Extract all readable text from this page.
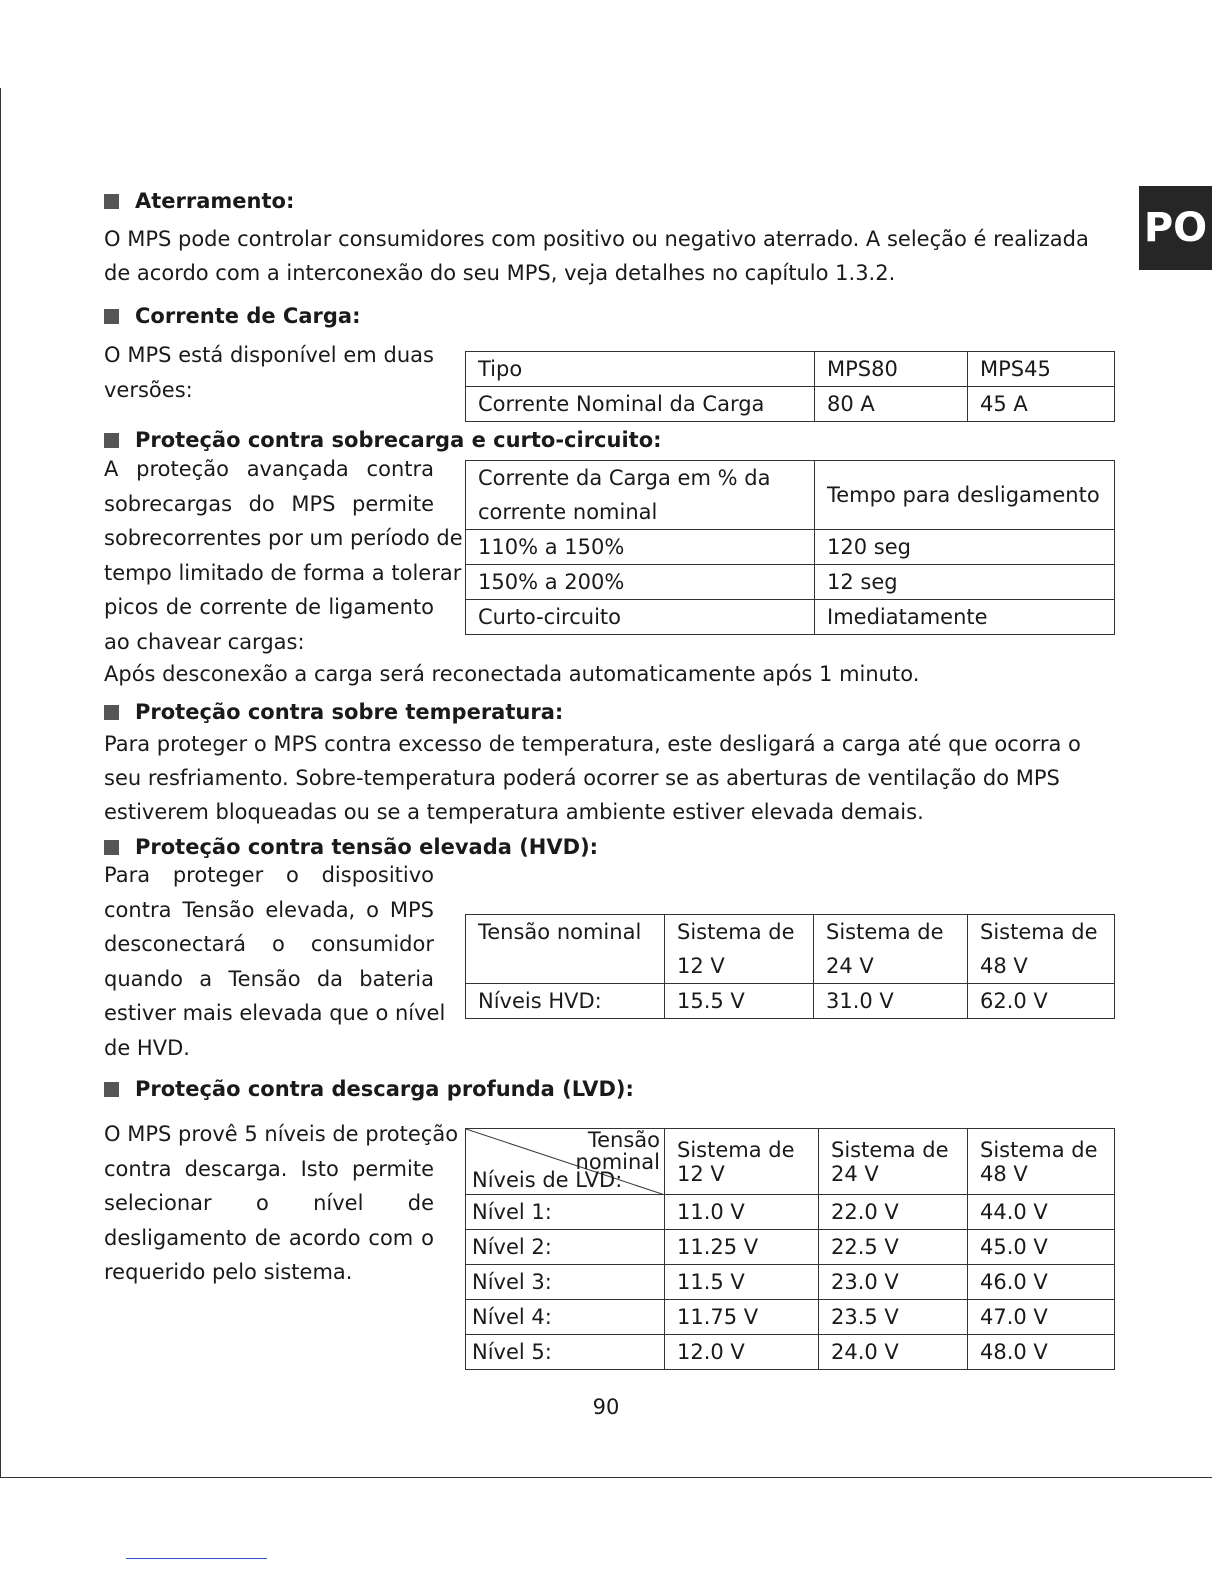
PO
Aterramento:
O MPS pode controlar consumidores com positivo ou negativo aterrado. A seleção é realizada
de acordo com a interconexão do seu MPS, veja detalhes no capítulo 1.3.2.
Corrente de Carga:
O MPS está disponível em duas
versões:
Tipo	MPS80	MPS45
Corrente Nominal da Carga	80 A	45 A
Proteção contra sobrecarga e curto-circuito:
A proteção avançada contra
sobrecargas do MPS permite
sobrecorrentes por um período de
tempo limitado de forma a tolerar
picos de corrente de ligamento
ao chavear cargas:
Corrente da Carga em % da corrente nominal	Tempo para desligamento
110% a 150%	120 seg
150% a 200%	12 seg
Curto-circuito	Imediatamente
Após desconexão a carga será reconectada automaticamente após 1 minuto.
Proteção contra sobre temperatura:
Para proteger o MPS contra excesso de temperatura, este desligará a carga até que ocorra o
seu resfriamento. Sobre-temperatura poderá ocorrer se as aberturas de ventilação do MPS
estiverem bloqueadas ou se a temperatura ambiente estiver elevada demais.
Proteção contra tensão elevada (HVD):
Para proteger o dispositivo
contra Tensão elevada, o MPS
desconectará o consumidor
quando a Tensão da bateria
estiver mais elevada que o nível
de HVD.
Tensão nominal	Sistema de 12 V	Sistema de 24 V	Sistema de 48 V
Níveis HVD:	15.5 V	31.0 V	62.0 V
Proteção contra descarga profunda (LVD):
O MPS provê 5 níveis de proteção
contra descarga. Isto permite
selecionar o nível de
desligamento de acordo com o
requerido pelo sistema.
Tensão nominal
Níveis de LVD:	Sistema de 12 V	Sistema de 24 V	Sistema de 48 V
Nível 1:	11.0 V	22.0 V	44.0 V
Nível 2:	11.25 V	22.5 V	45.0 V
Nível 3:	11.5 V	23.0 V	46.0 V
Nível 4:	11.75 V	23.5 V	47.0 V
Nível 5:	12.0 V	24.0 V	48.0 V
90
